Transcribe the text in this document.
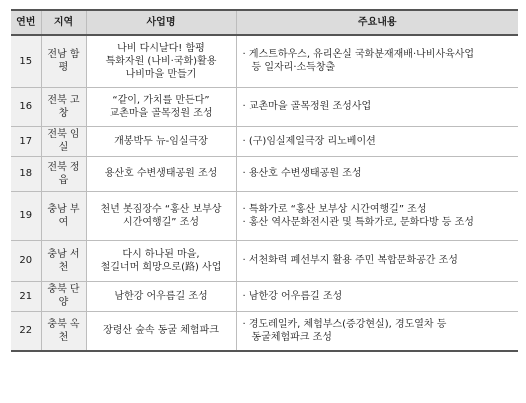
연번	지역	사업명	주요내용
15	전남 함평	나비 다시날다! 함평
특화자원 (나비·국화)활용
나비마을 만들기	· 게스트하우스, 유리온실 국화분재재배·나비사육사업
등 일자리·소득창출

16	전북 고창	“같이, 가치를 만든다”
교촌마을 골목정원 조성	· 교촌마을 골목정원 조성사업

17	전북 임실	개봉박두 뉴-임실극장	· (구)임실제일극장 리노베이션

18	전북 정읍	용산호 수변생태공원 조성	· 용산호 수변생태공원 조성

19	충남 부여	천년 봇짐장수 “홍산 보부상
시간여행길” 조성	· 특화가로 “홍산 보부상 시간여행길” 조성
· 홍산 역사문화전시관 및 특화가로, 문화다방 등 조성

20	충남 서천	다시 하나된 마을,
철길너머 희망으로(路) 사업	· 서천화력 폐선부지 활용 주민 복합문화공간 조성

21	충북 단양	남한강 어우름길 조성	· 남한강 어우름길 조성

22	충북 옥천	장령산 숲속 동굴 체험파크	· 경도레일카, 체험부스(증강현실), 경도열차 등
동굴체험파크 조성
